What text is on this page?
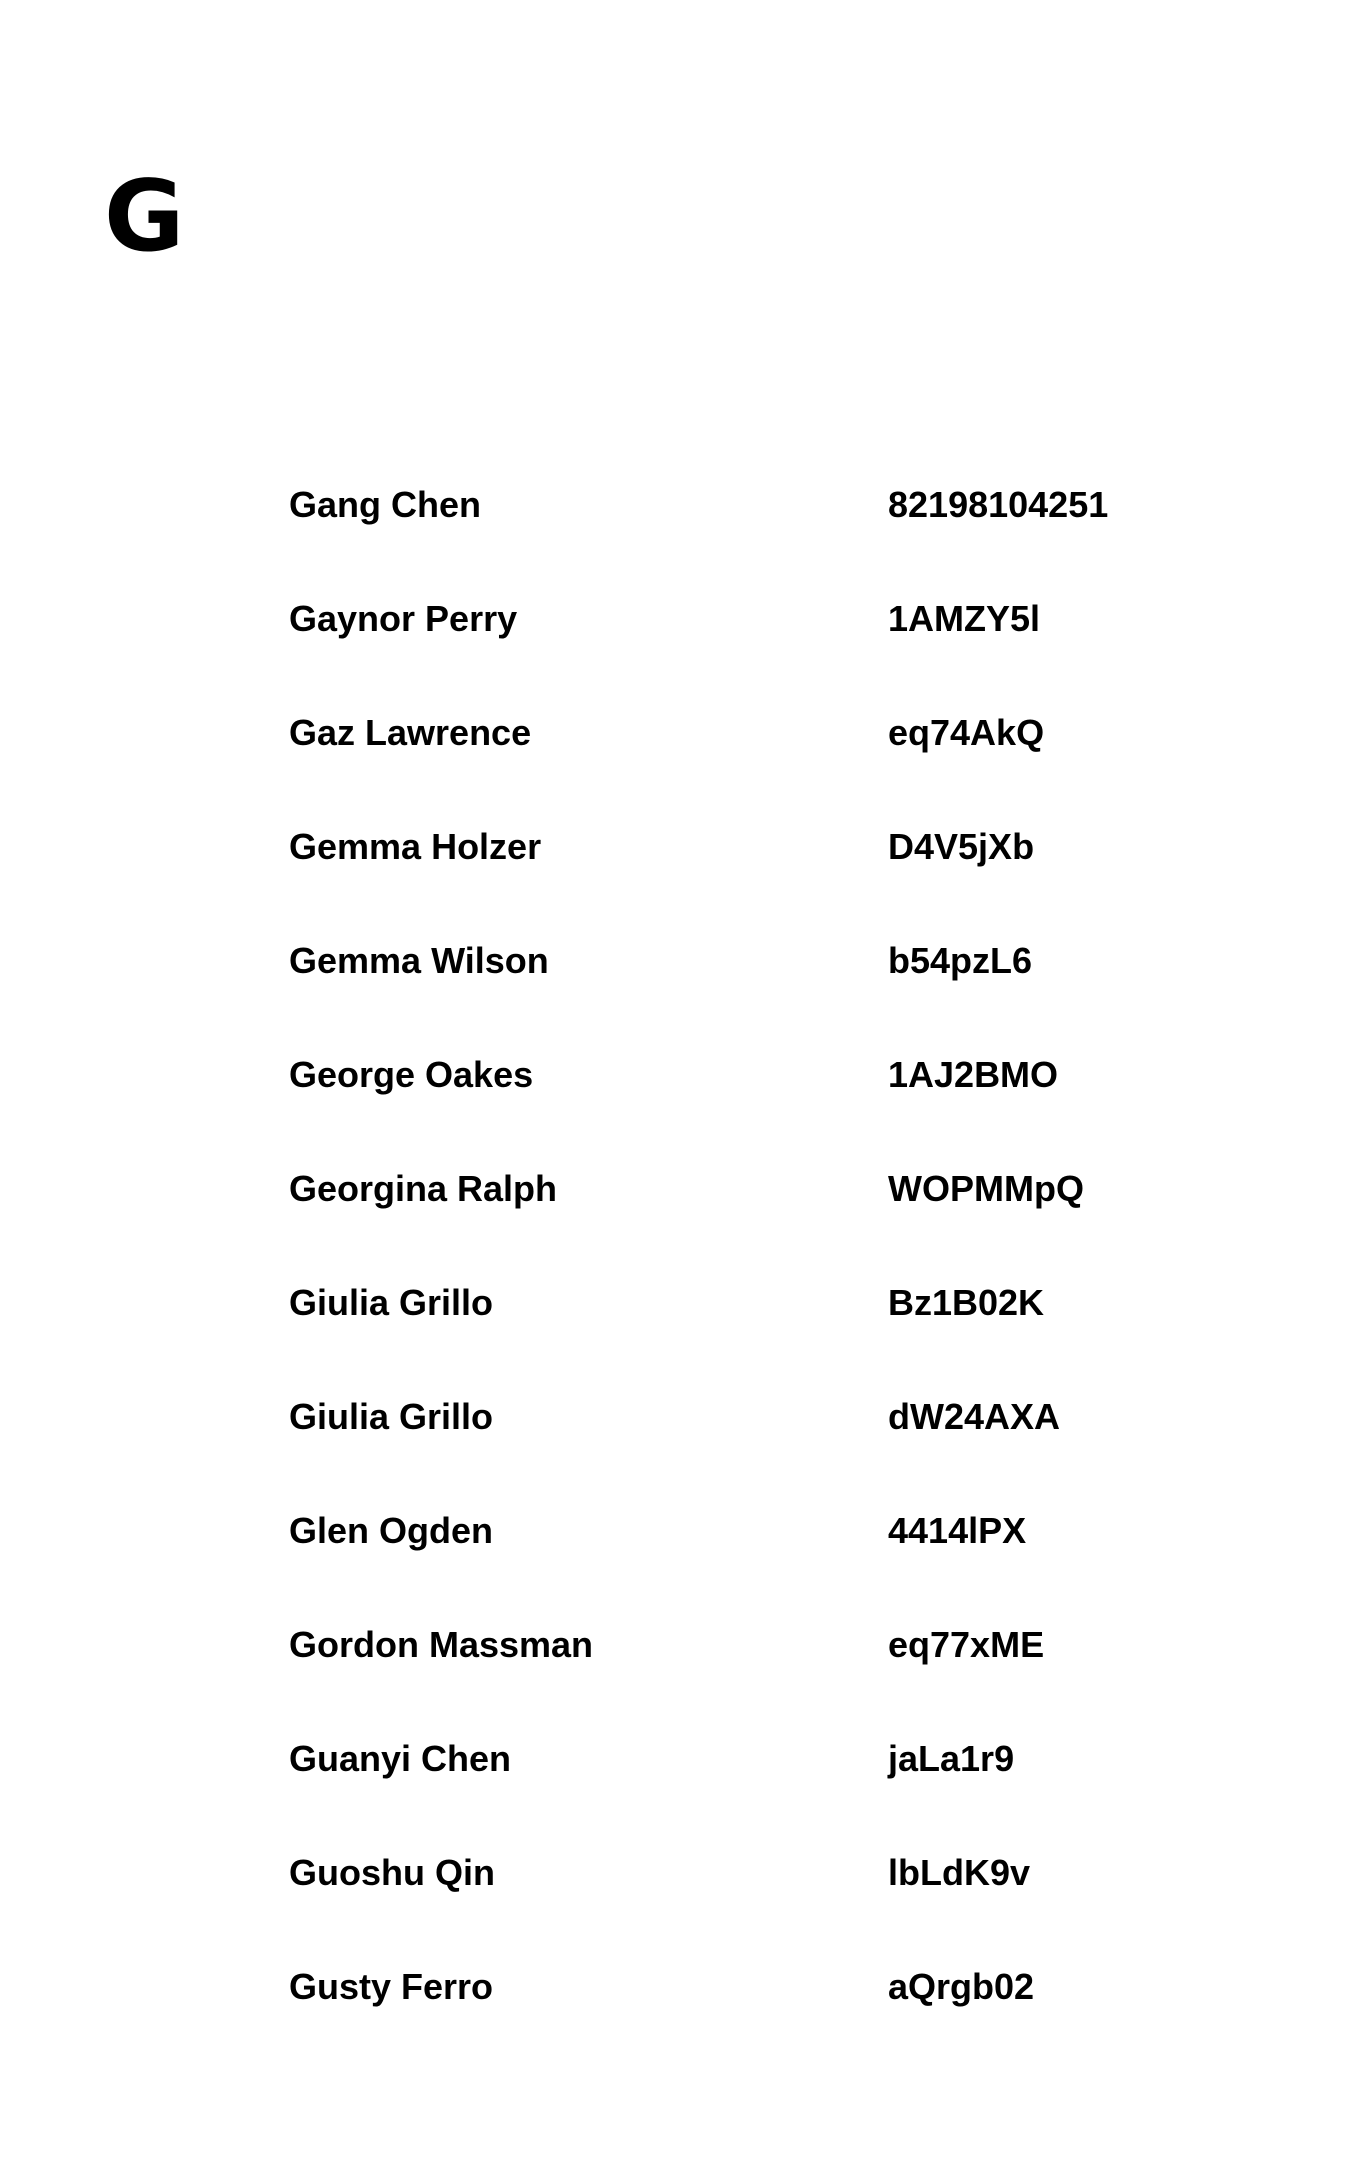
G
Gang Chen	82198104251
Gaynor Perry	1AMZY5l
Gaz Lawrence	eq74AkQ
Gemma Holzer	D4V5jXb
Gemma Wilson	b54pzL6
George Oakes	1AJ2BMO
Georgina Ralph	WOPMMpQ
Giulia Grillo	Bz1B02K
Giulia Grillo	dW24AXA
Glen Ogden	4414lPX
Gordon Massman	eq77xME
Guanyi Chen	jaLa1r9
Guoshu Qin	lbLdK9v
Gusty Ferro	aQrgb02
